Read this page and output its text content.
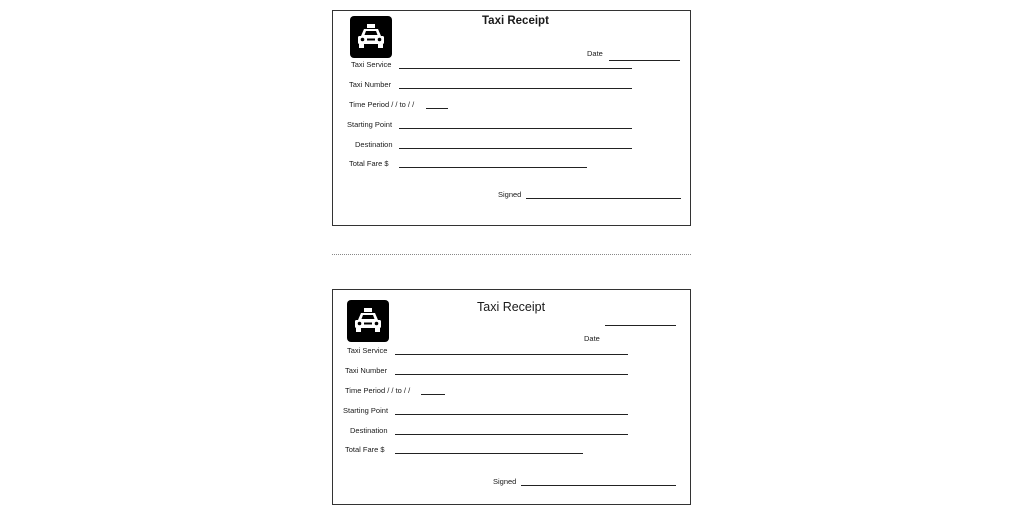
Taxi Receipt
Date
Taxi Service
Taxi Number
Time Period / / to / /
Starting Point
Destination
Total Fare $
Signed
Taxi Receipt
Date
Taxi Service
Taxi Number
Time Period / / to / /
Starting Point
Destination
Total Fare $
Signed
